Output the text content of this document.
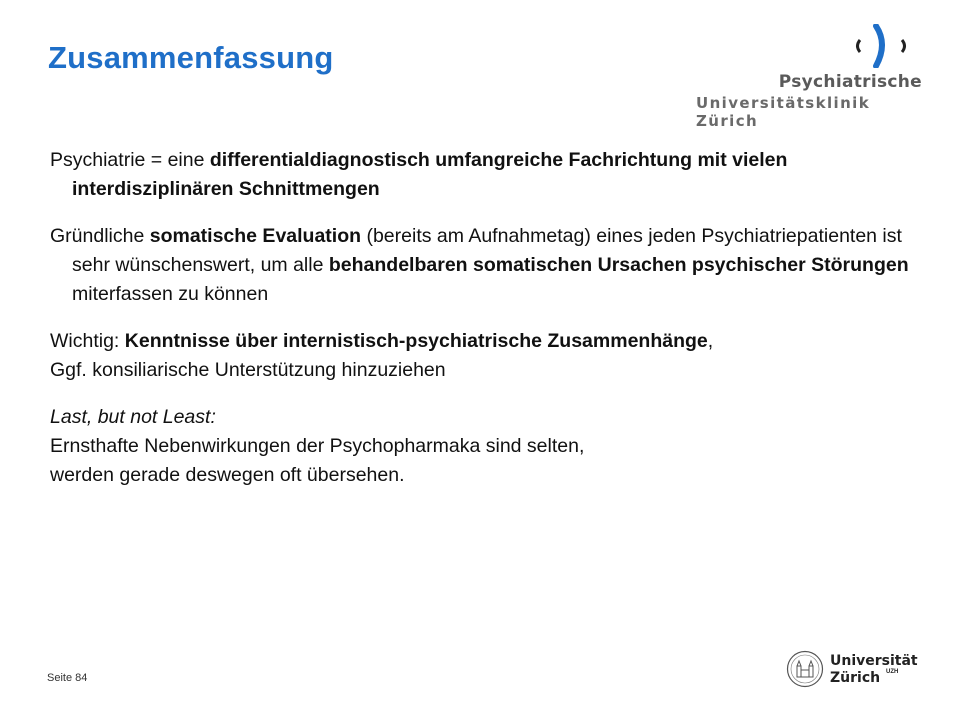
Zusammenfassung
Psychiatrische
Universitätsklinik Zürich

Psychiatrie = eine differentialdiagnostisch umfangreiche Fachrichtung mit vielen interdisziplinären Schnittmengen

Gründliche somatische Evaluation (bereits am Aufnahmetag) eines jeden Psychiatriepatienten ist sehr wünschenswert, um alle behandelbaren somatischen Ursachen psychischer Störungen miterfassen zu können

Wichtig: Kenntnisse über internistisch-psychiatrische Zusammenhänge,
Ggf. konsiliarische Unterstützung hinzuziehen

Last, but not Least:
Ernsthafte Nebenwirkungen der Psychopharmaka sind selten,
werden gerade deswegen oft übersehen.

Seite 84
Universität
Zürich UZH
